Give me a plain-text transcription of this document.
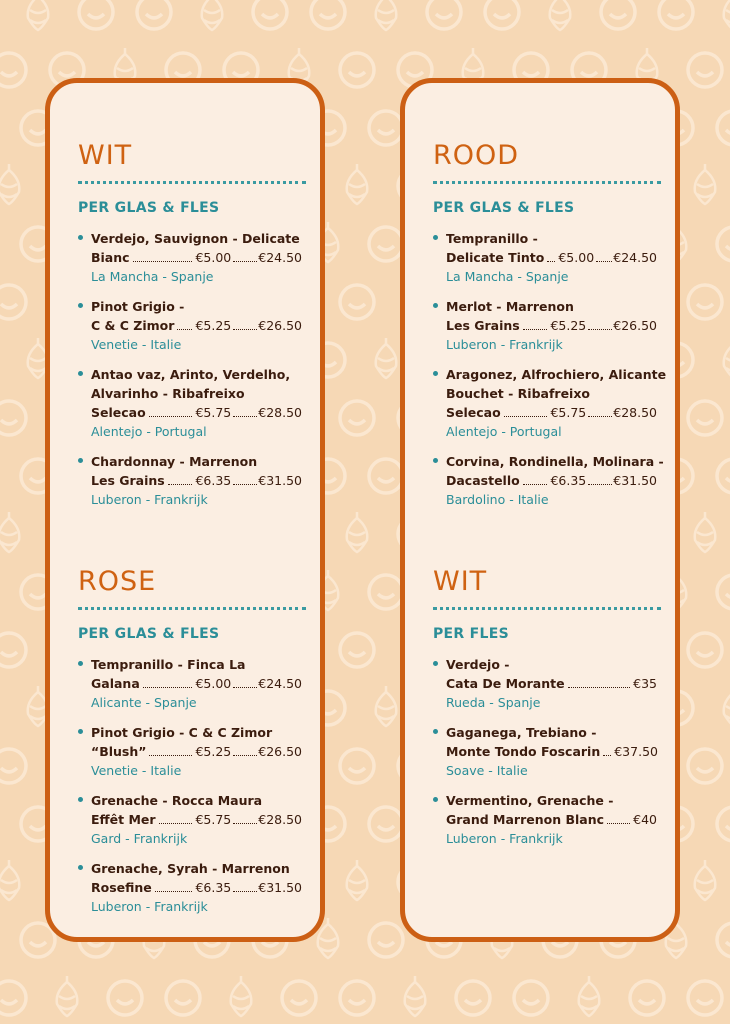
WIT
PER GLAS & FLES
Verdejo, Sauvignon - Delicate
Bianc	€5.00 €24.50
La Mancha - Spanje
Pinot Grigio -
C & C Zimor €5.25 €26.50
Venetie - Italie
Antao vaz, Arinto, Verdelho,
Alvarinho - Ribafreixo
Selecao	€5.75 €28.50
Alentejo - Portugal
Chardonnay - Marrenon
Les Grains €6.35 €31.50
Luberon - Frankrijk
ROSE
PER GLAS & FLES
Tempranillo - Finca La
Galana	€5.00 €24.50
Alicante - Spanje
Pinot Grigio - C & C Zimor
“Blush”	€5.25 €26.50
Venetie - Italie
Grenache - Rocca Maura
Effêt Mer	€5.75 €28.50
Gard - Frankrijk
Grenache, Syrah - Marrenon
Rosefine	€6.35 €31.50
Luberon - Frankrijk
ROOD
PER GLAS & FLES
Tempranillo -
Delicate Tinto €5.00 €24.50
La Mancha - Spanje
Merlot - Marrenon
Les Grains €5.25 €26.50
Luberon - Frankrijk
Aragonez, Alfrochiero, Alicante
Bouchet - Ribafreixo
Selecao	€5.75 €28.50
Alentejo - Portugal
Corvina, Rondinella, Molinara -
Dacastello €6.35 €31.50
Bardolino - Italie
WIT
PER FLES
Verdejo -
Cata De Morante	€35
Rueda - Spanje
Gaganega, Trebiano -
Monte Tondo Foscarin €37.50
Soave - Italie
Vermentino, Grenache -
Grand Marrenon Blanc €40
Luberon - Frankrijk
